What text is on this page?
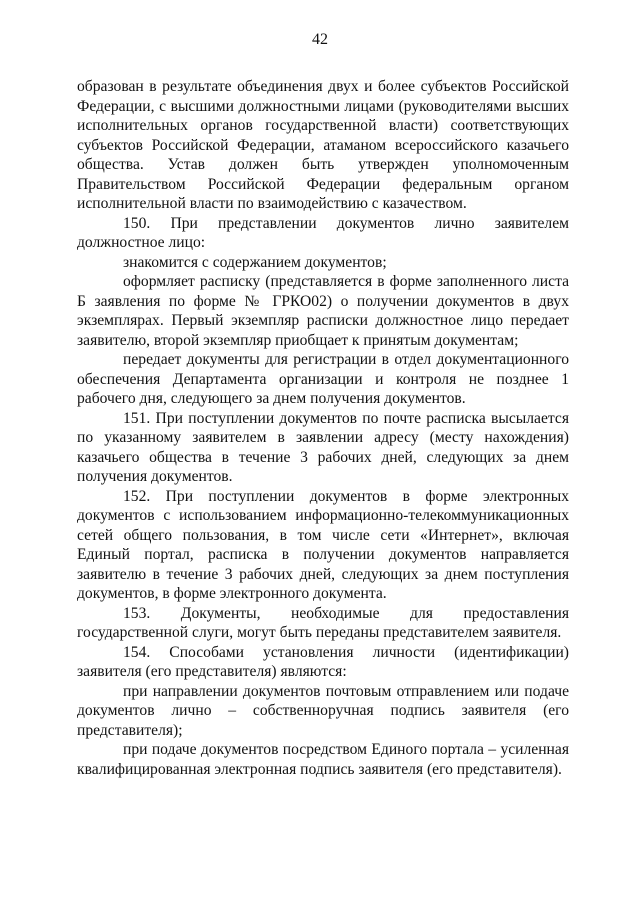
42

образован в результате объединения двух и более субъектов Российской Федерации, с высшими должностными лицами (руководителями высших исполнительных органов государственной власти) соответствующих субъектов Российской Федерации, атаманом всероссийского казачьего общества. Устав должен быть утвержден уполномоченным Правительством Российской Федерации федеральным органом исполнительной власти по взаимодействию с казачеством.

150. При представлении документов лично заявителем должностное лицо:

знакомится с содержанием документов;

оформляет расписку (представляется в форме заполненного листа Б заявления по форме № ГРКО02) о получении документов в двух экземплярах. Первый экземпляр расписки должностное лицо передает заявителю, второй экземпляр приобщает к принятым документам;

передает документы для регистрации в отдел документационного обеспечения Департамента организации и контроля не позднее 1 рабочего дня, следующего за днем получения документов.

151. При поступлении документов по почте расписка высылается по указанному заявителем в заявлении адресу (месту нахождения) казачьего общества в течение 3 рабочих дней, следующих за днем получения документов.

152. При поступлении документов в форме электронных документов с использованием информационно-телекоммуникационных сетей общего пользования, в том числе сети «Интернет», включая Единый портал, расписка в получении документов направляется заявителю в течение 3 рабочих дней, следующих за днем поступления документов, в форме электронного документа.

153. Документы, необходимые для предоставления государственной слуги, могут быть переданы представителем заявителя.

154. Способами установления личности (идентификации) заявителя (его представителя) являются:

при направлении документов почтовым отправлением или подаче документов лично – собственноручная подпись заявителя (его представителя);

при подаче документов посредством Единого портала – усиленная квалифицированная электронная подпись заявителя (его представителя).
